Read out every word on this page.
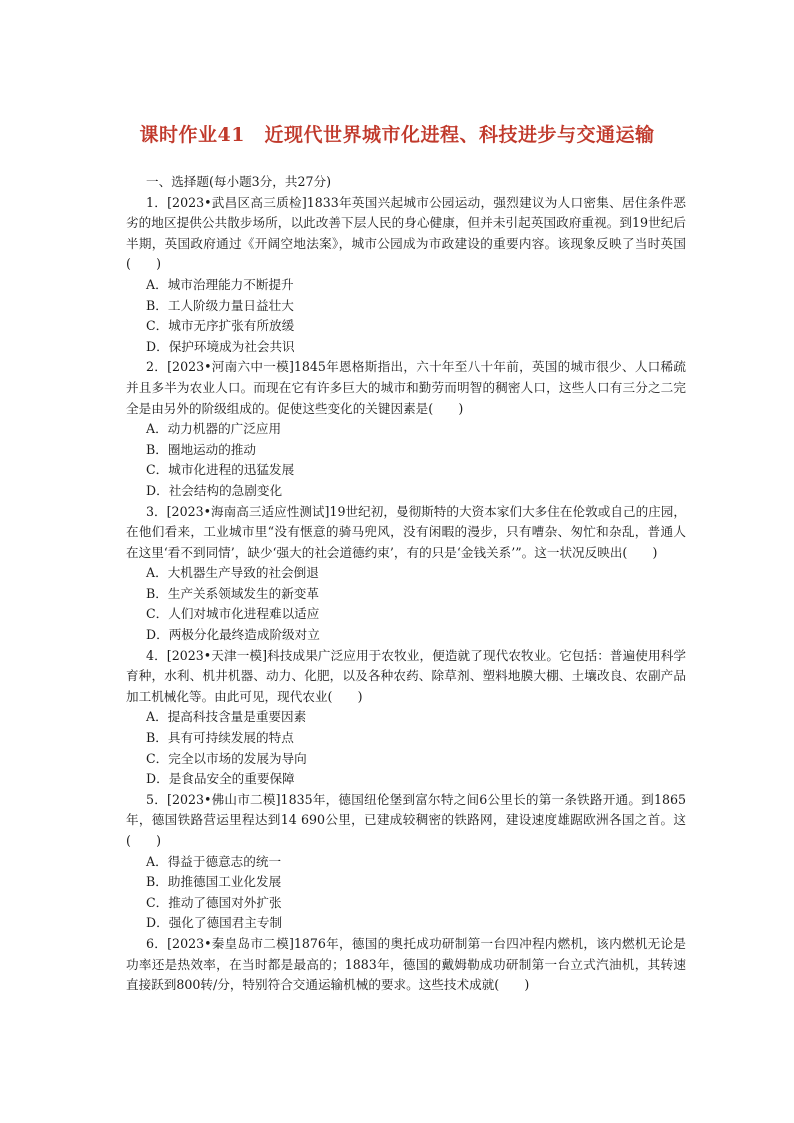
课时作业41　近现代世界城市化进程、科技进步与交通运输

一、选择题(每小题3分，共27分)

1．[2023•武昌区高三质检]1833年英国兴起城市公园运动，强烈建议为人口密集、居住条件恶劣的地区提供公共散步场所，以此改善下层人民的身心健康，但并未引起英国政府重视。到19世纪后半期，英国政府通过《开阔空地法案》，城市公园成为市政建设的重要内容。该现象反映了当时英国(　　)

A．城市治理能力不断提升

B．工人阶级力量日益壮大

C．城市无序扩张有所放缓

D．保护环境成为社会共识

2．[2023•河南六中一模]1845年恩格斯指出，六十年至八十年前，英国的城市很少、人口稀疏并且多半为农业人口。而现在它有许多巨大的城市和勤劳而明智的稠密人口，这些人口有三分之二完全是由另外的阶级组成的。促使这些变化的关键因素是(　　)

A．动力机器的广泛应用

B．圈地运动的推动

C．城市化进程的迅猛发展

D．社会结构的急剧变化

3．[2023•海南高三适应性测试]19世纪初，曼彻斯特的大资本家们大多住在伦敦或自己的庄园，在他们看来，工业城市里“没有惬意的骑马兜风，没有闲暇的漫步，只有嘈杂、匆忙和杂乱，普通人在这里‘看不到同情’，缺少‘强大的社会道德约束’，有的只是‘金钱关系’”。这一状况反映出(　　)

A．大机器生产导致的社会倒退

B．生产关系领域发生的新变革

C．人们对城市化进程难以适应

D．两极分化最终造成阶级对立

4．[2023•天津一模]科技成果广泛应用于农牧业，便造就了现代农牧业。它包括：普遍使用科学育种，水利、机井机器、动力、化肥，以及各种农药、除草剂、塑料地膜大棚、土壤改良、农副产品加工机械化等。由此可见，现代农业(　　)

A．提高科技含量是重要因素

B．具有可持续发展的特点

C．完全以市场的发展为导向

D．是食品安全的重要保障

5．[2023•佛山市二模]1835年，德国纽伦堡到富尔特之间6公里长的第一条铁路开通。到1865年，德国铁路营运里程达到14 690公里，已建成较稠密的铁路网，建设速度雄踞欧洲各国之首。这(　　)

A．得益于德意志的统一

B．助推德国工业化发展

C．推动了德国对外扩张

D．强化了德国君主专制

6．[2023•秦皇岛市二模]1876年，德国的奥托成功研制第一台四冲程内燃机，该内燃机无论是功率还是热效率，在当时都是最高的；1883年，德国的戴姆勒成功研制第一台立式汽油机，其转速直接跃到800转/分，特别符合交通运输机械的要求。这些技术成就(　　)
